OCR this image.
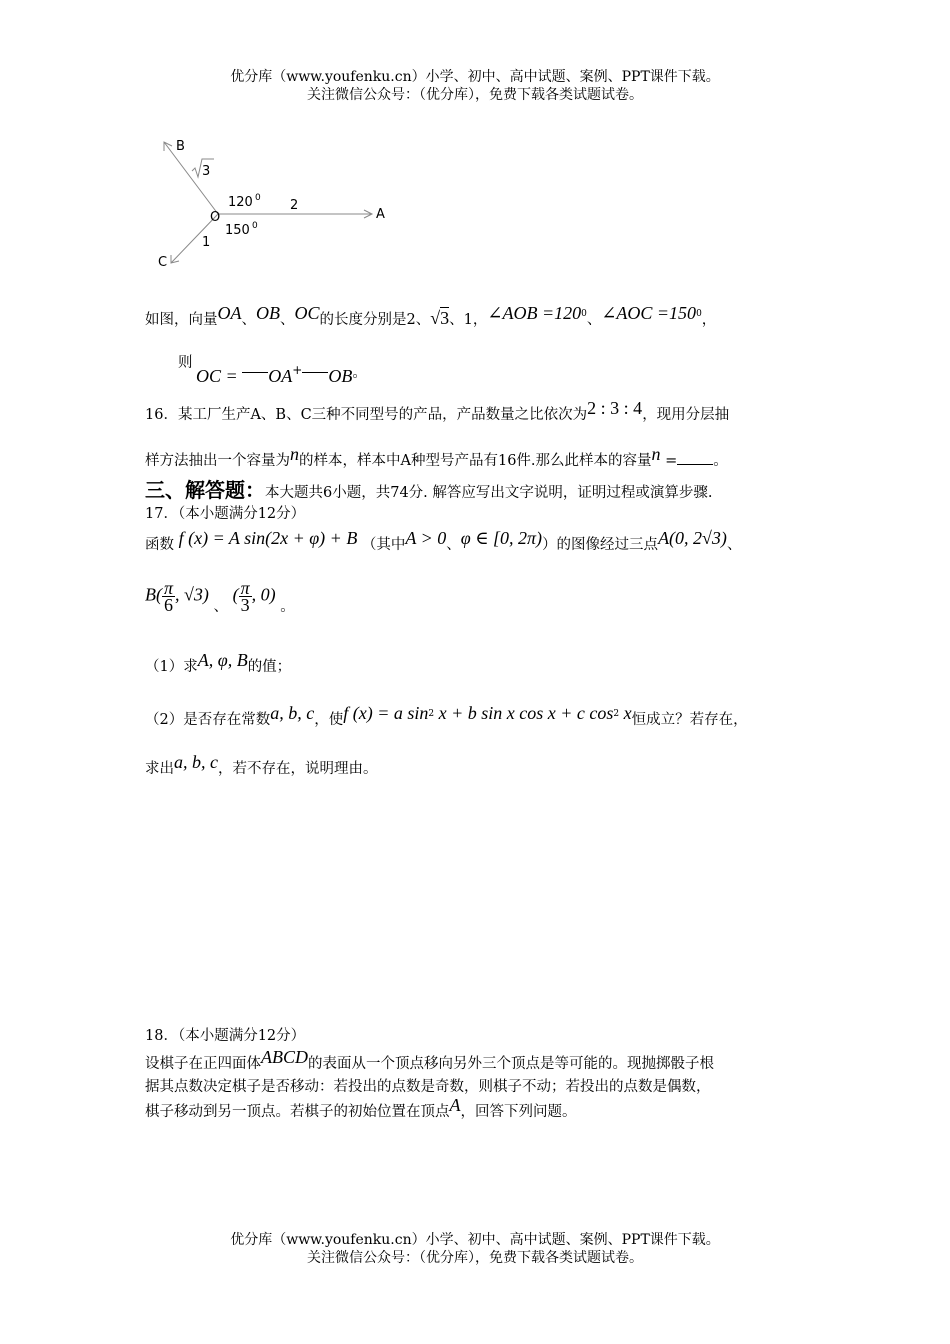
优分库（www.youfenku.cn）小学、初中、高中试题、案例、PPT课件下载。
关注微信公众号：（优分库），免费下载各类试题试卷。
B
3
120 0 2
A
O
150 0
1
C
如图，向量OA、OB、OC的长度分别是2、√3、1，∠AOB $=120^0$、∠AOC $=150^0$，
则
OC = OA+ OB。
16．某工厂生产A、B、C三种不同型号的产品，产品数量之比依次为2 : 3 : 4，现用分层抽
样方法抽出一个容量为n的样本，样本中A种型号产品有16件.那么此样本的容量n = 。
三、解答题：本大题共6小题，共74分. 解答应写出文字说明，证明过程或演算步骤.
17．（本小题满分12分）
函数 f (x) = A sin(2x + φ) + B （其中A > 0、φ ∈ [0, 2π)）的图像经过三点A(0, 2√3)、
$B( \frac{\pi}{6}$ , √3) 、 ( $\frac{\pi}{3}$ , 0) 。
（1）求A, φ, B的值；
（2）是否存在常数a, b, c，使f (x) = a $\sin^2 x + b$ sin x cos x + c $\cos^2 x$恒成立？若存在，
求出a, b, c，若不存在，说明理由。
18．（本小题满分12分）
设棋子在正四面体ABCD的表面从一个顶点移向另外三个顶点是等可能的。现抛掷骰子根
据其点数决定棋子是否移动：若投出的点数是奇数，则棋子不动；若投出的点数是偶数，
棋子移动到另一顶点。若棋子的初始位置在顶点A，回答下列问题。
优分库（www.youfenku.cn）小学、初中、高中试题、案例、PPT课件下载。
关注微信公众号：（优分库），免费下载各类试题试卷。
